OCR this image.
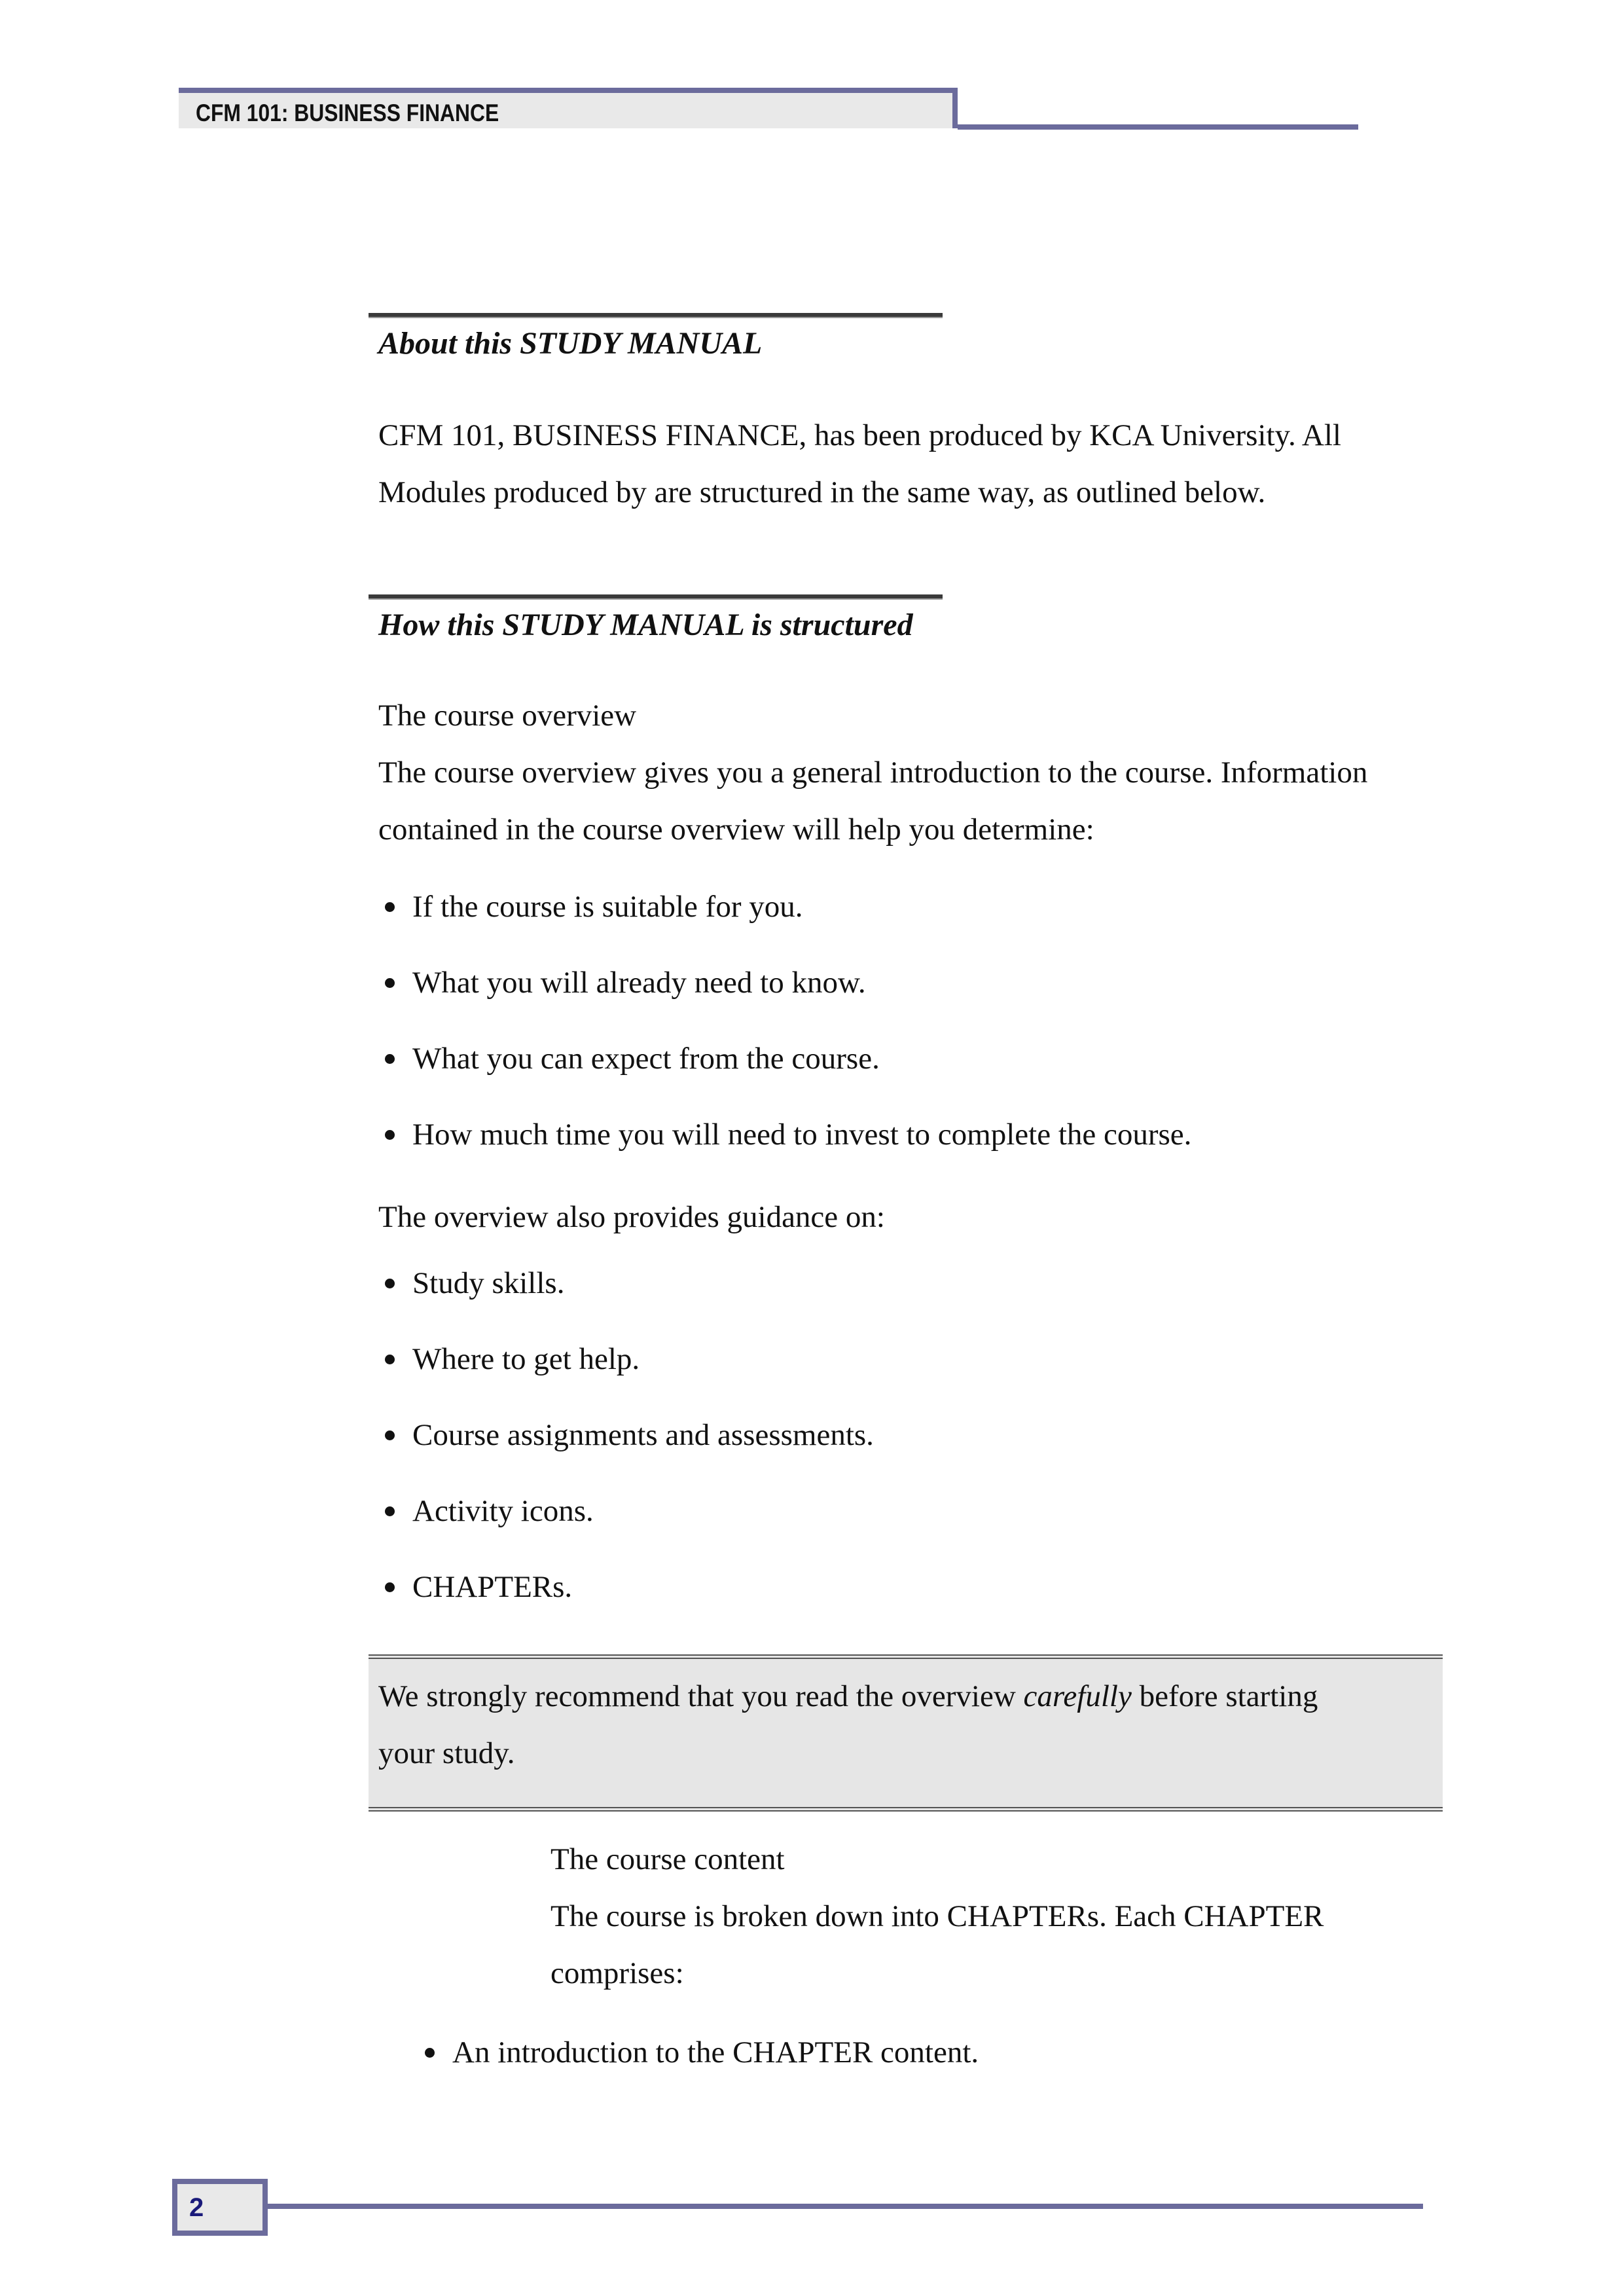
CFM 101: BUSINESS FINANCE
About this STUDY MANUAL

CFM 101, BUSINESS FINANCE, has been produced by KCA University. All
Modules produced by are structured in the same way, as outlined below.

How this STUDY MANUAL is structured

The course overview
The course overview gives you a general introduction to the course. Information
contained in the course overview will help you determine:

If the course is suitable for you.
What you will already need to know.
What you can expect from the course.
How much time you will need to invest to complete the course.
The overview also provides guidance on:
Study skills.
Where to get help.
Course assignments and assessments.
Activity icons.
CHAPTERs.

We strongly recommend that you read the overview carefully before starting
your study.

The course content
The course is broken down into CHAPTERs. Each CHAPTER
comprises:

An introduction to the CHAPTER content.
2
